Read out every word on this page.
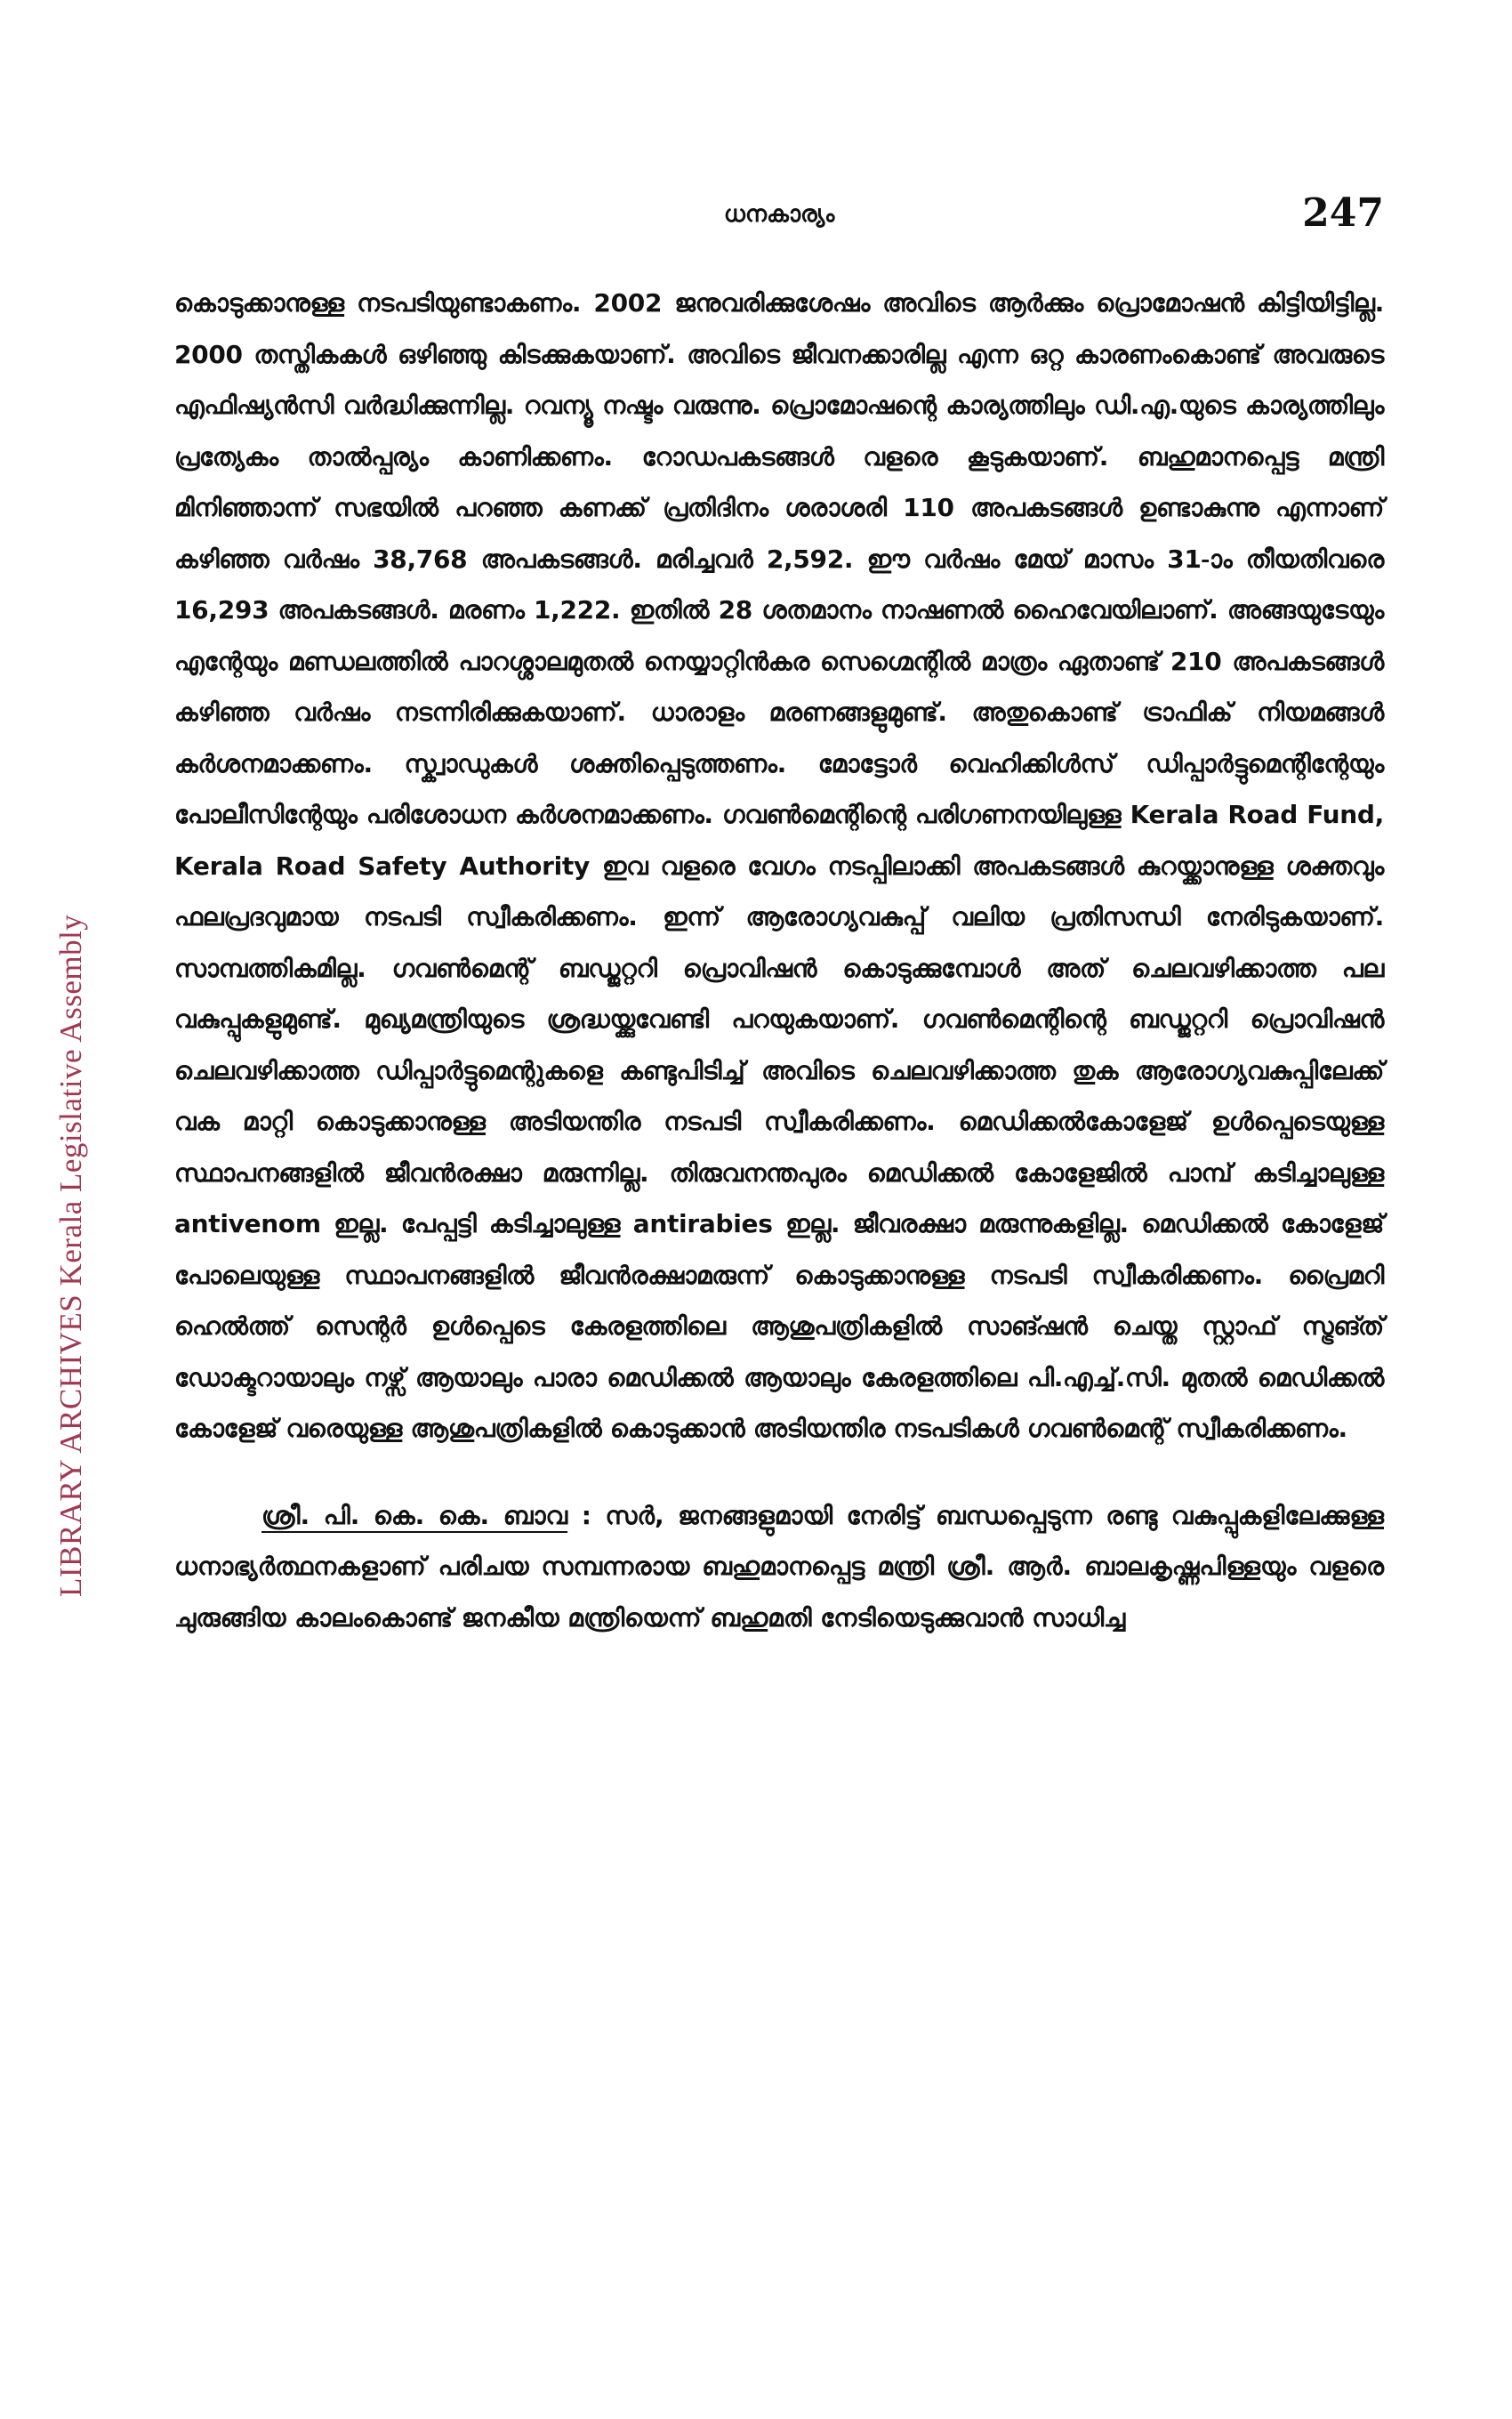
ധനകാര്യം	247
LIBRARY ARCHIVES Kerala Legislative Assembly

കൊടുക്കാനുള്ള നടപടിയുണ്ടാകണം. 2002 ജനുവരിക്കുശേഷം അവിടെ ആർക്കും പ്രൊമോഷൻ കിട്ടിയിട്ടില്ല. 2000 തസ്തികകൾ ഒഴിഞ്ഞു കിടക്കുകയാണ്. അവിടെ ജീവനക്കാരില്ല എന്ന ഒറ്റ കാരണംകൊണ്ട് അവരുടെ എഫിഷ്യൻസി വർദ്ധിക്കുന്നില്ല. റവന്യൂ നഷ്ടം വരുന്നു. പ്രൊമോഷന്റെ കാര്യത്തിലും ഡി.എ.യുടെ കാര്യത്തിലും പ്രത്യേകം താൽപ്പര്യം കാണിക്കണം. റോഡപകടങ്ങൾ വളരെ കൂടുകയാണ്. ബഹുമാനപ്പെട്ട മന്ത്രി മിനിഞ്ഞാന്ന് സഭയിൽ പറഞ്ഞ കണക്ക് പ്രതിദിനം ശരാശരി 110 അപകടങ്ങൾ ഉണ്ടാകുന്നു എന്നാണ് കഴിഞ്ഞ വർഷം 38,768 അപകടങ്ങൾ. മരിച്ചവർ 2,592. ഈ വർഷം മേയ് മാസം 31-ാം തീയതിവരെ 16,293 അപകടങ്ങൾ. മരണം 1,222. ഇതിൽ 28 ശതമാനം നാഷണൽ ഹൈവേയിലാണ്. അങ്ങയുടേയും എന്റേയും മണ്ഡലത്തിൽ പാറശ്ശാലമുതൽ നെയ്യാറ്റിൻകര സെഗ്മെന്റിൽ മാത്രം ഏതാണ്ട് 210 അപകടങ്ങൾ കഴിഞ്ഞ വർഷം നടന്നിരിക്കുകയാണ്. ധാരാളം മരണങ്ങളുമുണ്ട്. അതുകൊണ്ട് ട്രാഫിക് നിയമങ്ങൾ കർശനമാക്കണം. സ്ക്വാഡുകൾ ശക്തിപ്പെടുത്തണം. മോട്ടോർ വെഹിക്കിൾസ് ഡിപ്പാർട്ടുമെന്റിന്റേയും പോലീസിന്റേയും പരിശോധന കർശനമാക്കണം. ഗവൺമെന്റിന്റെ പരിഗണനയിലുള്ള Kerala Road Fund, Kerala Road Safety Authority ഇവ വളരെ വേഗം നടപ്പിലാക്കി അപകടങ്ങൾ കുറയ്ക്കാനുള്ള ശക്തവും ഫലപ്രദവുമായ നടപടി സ്വീകരിക്കണം. ഇന്ന് ആരോഗ്യവകുപ്പ് വലിയ പ്രതിസന്ധി നേരിടുകയാണ്. സാമ്പത്തികമില്ല. ഗവൺമെന്റ് ബഡ്ജറ്ററി പ്രൊവിഷൻ കൊടുക്കുമ്പോൾ അത് ചെലവഴിക്കാത്ത പല വകുപ്പുകളുമുണ്ട്. മുഖ്യമന്ത്രിയുടെ ശ്രദ്ധയ്ക്കുവേണ്ടി പറയുകയാണ്. ഗവൺമെന്റിന്റെ ബഡ്ജറ്ററി പ്രൊവിഷൻ ചെലവഴിക്കാത്ത ഡിപ്പാർട്ടുമെന്റുകളെ കണ്ടുപിടിച്ച് അവിടെ ചെലവഴിക്കാത്ത തുക ആരോഗ്യവകുപ്പിലേക്ക് വക മാറ്റി കൊടുക്കാനുള്ള അടിയന്തിര നടപടി സ്വീകരിക്കണം. മെഡിക്കൽകോളേജ് ഉൾപ്പെടെയുള്ള സ്ഥാപനങ്ങളിൽ ജീവൻരക്ഷാ മരുന്നില്ല. തിരുവനന്തപുരം മെഡിക്കൽ കോളേജിൽ പാമ്പ് കടിച്ചാലുള്ള antivenom ഇല്ല. പേപ്പട്ടി കടിച്ചാലുള്ള antirabies ഇല്ല. ജീവരക്ഷാ മരുന്നുകളില്ല. മെഡിക്കൽ കോളേജ് പോലെയുള്ള സ്ഥാപനങ്ങളിൽ ജീവൻരക്ഷാമരുന്ന് കൊടുക്കാനുള്ള നടപടി സ്വീകരിക്കണം. പ്രൈമറി ഹെൽത്ത് സെന്റർ ഉൾപ്പെടെ കേരളത്തിലെ ആശുപത്രികളിൽ സാങ്ഷൻ ചെയ്ത സ്റ്റാഫ് സ്ട്രങ്ത് ഡോക്ടറായാലും നഴ്സ് ആയാലും പാരാ മെഡിക്കൽ ആയാലും കേരളത്തിലെ പി.എച്ച്.സി. മുതൽ മെഡിക്കൽ കോളേജ് വരെയുള്ള ആശുപത്രികളിൽ കൊടുക്കാൻ അടിയന്തിര നടപടികൾ ഗവൺമെന്റ് സ്വീകരിക്കണം.

ശ്രീ. പി. കെ. കെ. ബാവ : സർ, ജനങ്ങളുമായി നേരിട്ട് ബന്ധപ്പെടുന്ന രണ്ടു വകുപ്പുകളിലേക്കുള്ള ധനാഭ്യർത്ഥനകളാണ് പരിചയ സമ്പന്നരായ ബഹുമാനപ്പെട്ട മന്ത്രി ശ്രീ. ആർ. ബാലകൃഷ്ണപിള്ളയും വളരെ ചുരുങ്ങിയ കാലംകൊണ്ട് ജനകീയ മന്ത്രിയെന്ന് ബഹുമതി നേടിയെടുക്കുവാൻ സാധിച്ച
